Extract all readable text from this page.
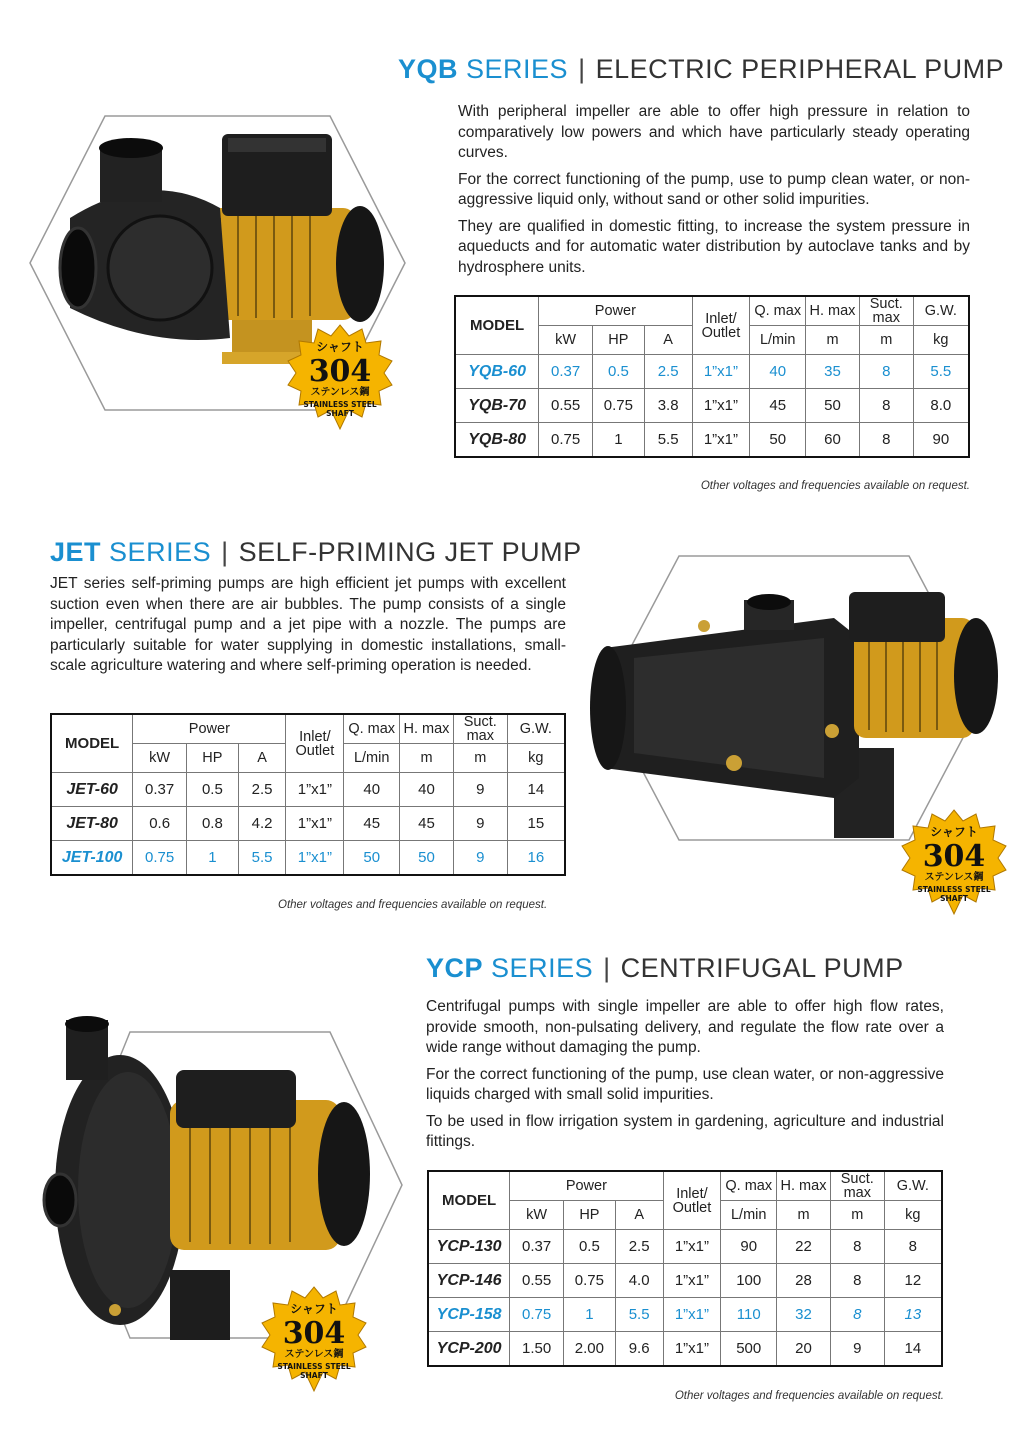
YQB SERIES | ELECTRIC PERIPHERAL PUMP

With peripheral impeller are able to offer high pressure in relation to comparatively low powers and which have particularly steady operating curves.

For the correct functioning of the pump, use to pump clean water, or non-aggressive liquid only, without sand or other solid impurities.

They are qualified in domestic fitting, to increase the system pressure in aqueducts and for automatic water distribution by autoclave tanks and by hydrosphere units.

シャフト
304
ステンレス鋼
STAINLESS STEEL
SHAFT
MODEL	Power			Inlet/ Outlet	Q. max	H. max	Suct. max	G.W.
	kW	HP	A		L/min	m	m	kg
YQB-60	0.37	0.5	2.5	1”x1”	40	35	8	5.5
YQB-70	0.55	0.75	3.8	1”x1”	45	50	8	8.0
YQB-80	0.75	1	5.5	1”x1”	50	60	8	90
Other voltages and frequencies available on request.
JET SERIES | SELF-PRIMING JET PUMP

JET series self-priming pumps are high efficient jet pumps with excellent suction even when there are air bubbles. The pump consists of a single impeller, centrifugal pump and a jet pipe with a nozzle. The pumps are particularly suitable for water supplying in domestic installations, small-scale agriculture watering and where self-priming operation is needed.

MODEL	Power			Inlet/ Outlet	Q. max	H. max	Suct. max	G.W.
	kW	HP	A		L/min	m	m	kg
JET-60	0.37	0.5	2.5	1”x1”	40	40	9	14
JET-80	0.6	0.8	4.2	1”x1”	45	45	9	15
JET-100	0.75	1	5.5	1”x1”	50	50	9	16
Other voltages and frequencies available on request.
シャフト
304
ステンレス鋼
STAINLESS STEEL
SHAFT
YCP SERIES | CENTRIFUGAL PUMP

Centrifugal pumps with single impeller are able to offer high flow rates, provide smooth, non-pulsating delivery, and regulate the flow rate over a wide range without damaging the pump.

For the correct functioning of the pump, use clean water, or non-aggressive liquids charged with small solid impurities.

To be used in flow irrigation system in gardening, agriculture and industrial fittings.

シャフト
304
ステンレス鋼
STAINLESS STEEL
SHAFT
MODEL	Power			Inlet/ Outlet	Q. max	H. max	Suct. max	G.W.
	kW	HP	A		L/min	m	m	kg
YCP-130	0.37	0.5	2.5	1”x1”	90	22	8	8
YCP-146	0.55	0.75	4.0	1”x1”	100	28	8	12
YCP-158	0.75	1	5.5	1”x1”	110	32	8	13
YCP-200	1.50	2.00	9.6	1”x1”	500	20	9	14
Other voltages and frequencies available on request.
